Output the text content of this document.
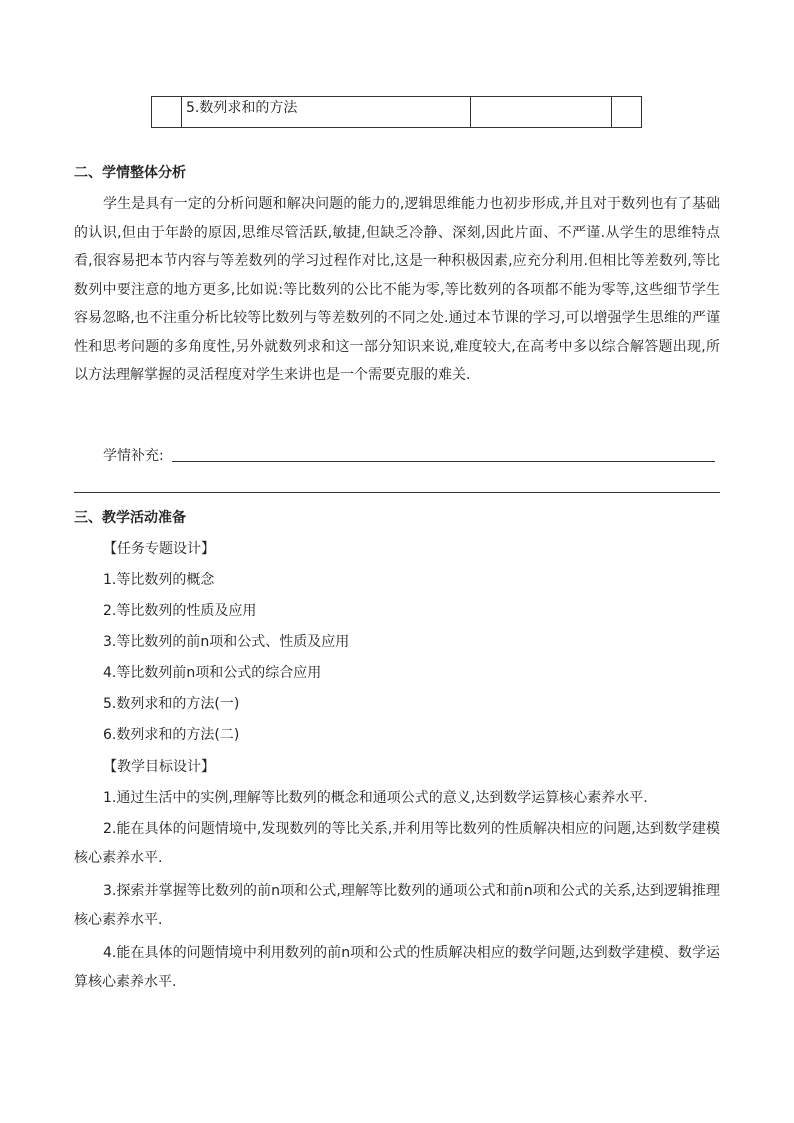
5.数列求和的方法
二、学情整体分析

学生是具有一定的分析问题和解决问题的能力的,逻辑思维能力也初步形成,并且对于数列也有了基础的认识,但由于年龄的原因,思维尽管活跃,敏捷,但缺乏冷静、深刻,因此片面、不严谨.从学生的思维特点看,很容易把本节内容与等差数列的学习过程作对比,这是一种积极因素,应充分利用.但相比等差数列,等比数列中要注意的地方更多,比如说:等比数列的公比不能为零,等比数列的各项都不能为零等,这些细节学生容易忽略,也不注重分析比较等比数列与等差数列的不同之处.通过本节课的学习,可以增强学生思维的严谨性和思考问题的多角度性,另外就数列求和这一部分知识来说,难度较大,在高考中多以综合解答题出现,所以方法理解掌握的灵活程度对学生来讲也是一个需要克服的难关.

学情补充:
三、教学活动准备
【任务专题设计】
1.等比数列的概念
2.等比数列的性质及应用
3.等比数列的前n项和公式、性质及应用
4.等比数列前n项和公式的综合应用
5.数列求和的方法(一)
6.数列求和的方法(二)
【教学目标设计】

1.通过生活中的实例,理解等比数列的概念和通项公式的意义,达到数学运算核心素养水平.

2.能在具体的问题情境中,发现数列的等比关系,并利用等比数列的性质解决相应的问题,达到数学建模核心素养水平.

3.探索并掌握等比数列的前n项和公式,理解等比数列的通项公式和前n项和公式的关系,达到逻辑推理核心素养水平.

4.能在具体的问题情境中利用数列的前n项和公式的性质解决相应的数学问题,达到数学建模、数学运算核心素养水平.
